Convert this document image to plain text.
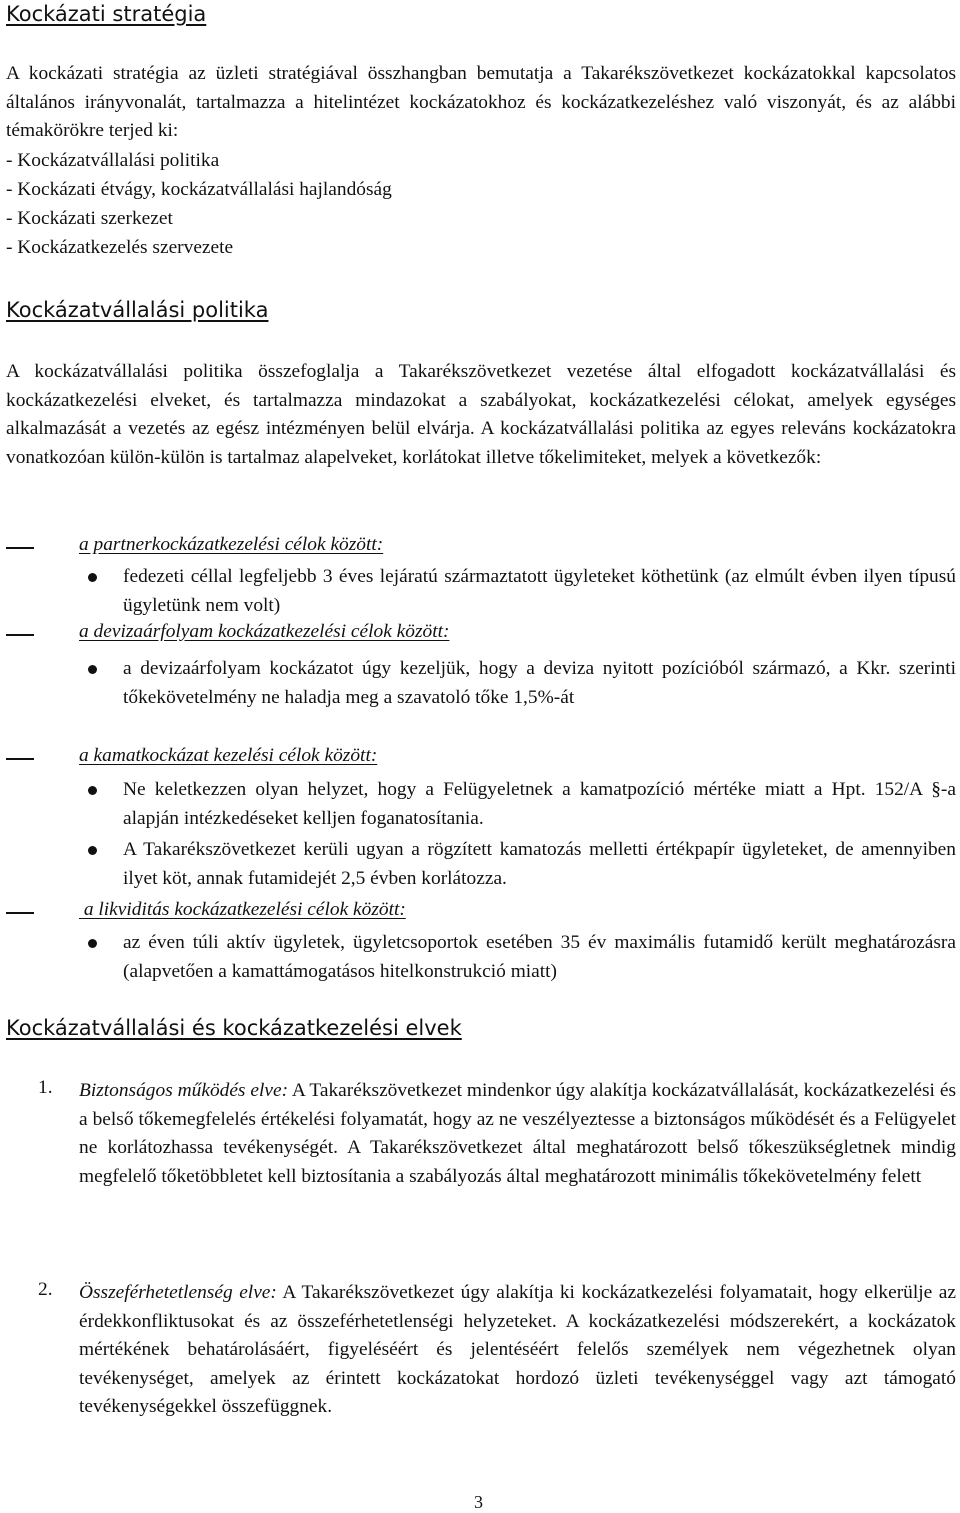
Kockázati stratégia
A kockázati stratégia az üzleti stratégiával összhangban bemutatja a Takarékszövetkezet kockázatokkal kapcsolatos általános irányvonalát, tartalmazza a hitelintézet kockázatokhoz és kockázatkezeléshez való viszonyát, és az alábbi témakörökre terjed ki:
- Kockázatvállalási politika
- Kockázati étvágy, kockázatvállalási hajlandóság
- Kockázati szerkezet
- Kockázatkezelés szervezete
Kockázatvállalási politika
A kockázatvállalási politika összefoglalja a Takarékszövetkezet vezetése által elfogadott kockázatvállalási és kockázatkezelési elveket, és tartalmazza mindazokat a szabályokat, kockázatkezelési célokat, amelyek egységes alkalmazását a vezetés az egész intézményen belül elvárja. A kockázatvállalási politika az egyes releváns kockázatokra vonatkozóan külön-külön is tartalmaz alapelveket, korlátokat illetve tőkelimiteket, melyek a következők:
a partnerkockázatkezelési célok között:
fedezeti céllal legfeljebb 3 éves lejáratú származtatott ügyleteket köthetünk (az elmúlt évben ilyen típusú ügyletünk nem volt)
a devizaárfolyam kockázatkezelési célok között:
a devizaárfolyam kockázatot úgy kezeljük, hogy a deviza nyitott pozícióból származó, a Kkr. szerinti tőkekövetelmény ne haladja meg a szavatoló tőke 1,5%-át
a kamatkockázat kezelési célok között:
Ne keletkezzen olyan helyzet, hogy a Felügyeletnek a kamatpozíció mértéke miatt a Hpt. 152/A §-a alapján intézkedéseket kelljen foganatosítania.
A Takarékszövetkezet kerüli ugyan a rögzített kamatozás melletti értékpapír ügyleteket, de amennyiben ilyet köt, annak futamidejét 2,5 évben korlátozza.
a likviditás kockázatkezelési célok között:
az éven túli aktív ügyletek, ügyletcsoportok esetében 35 év maximális futamidő került meghatározásra (alapvetően a kamattámogatásos hitelkonstrukció miatt)
Kockázatvállalási és kockázatkezelési elvek
1. Biztonságos működés elve: A Takarékszövetkezet mindenkor úgy alakítja kockázatvállalását, kockázatkezelési és a belső tőkemegfelelés értékelési folyamatát, hogy az ne veszélyeztesse a biztonságos működését és a Felügyelet ne korlátozhassa tevékenységét. A Takarékszövetkezet által meghatározott belső tőkeszükségletnek mindig megfelelő tőketöbbletet kell biztosítania a szabályozás által meghatározott minimális tőkekövetelmény felett
2. Összeférhetetlenség elve: A Takarékszövetkezet úgy alakítja ki kockázatkezelési folyamatait, hogy elkerülje az érdekkonfliktusokat és az összeférhetetlenségi helyzeteket. A kockázatkezelési módszerekért, a kockázatok mértékének behatárolásáért, figyeléséért és jelentéséért felelős személyek nem végezhetnek olyan tevékenységet, amelyek az érintett kockázatokat hordozó üzleti tevékenységgel vagy azt támogató tevékenységekkel összefüggnek.
3
